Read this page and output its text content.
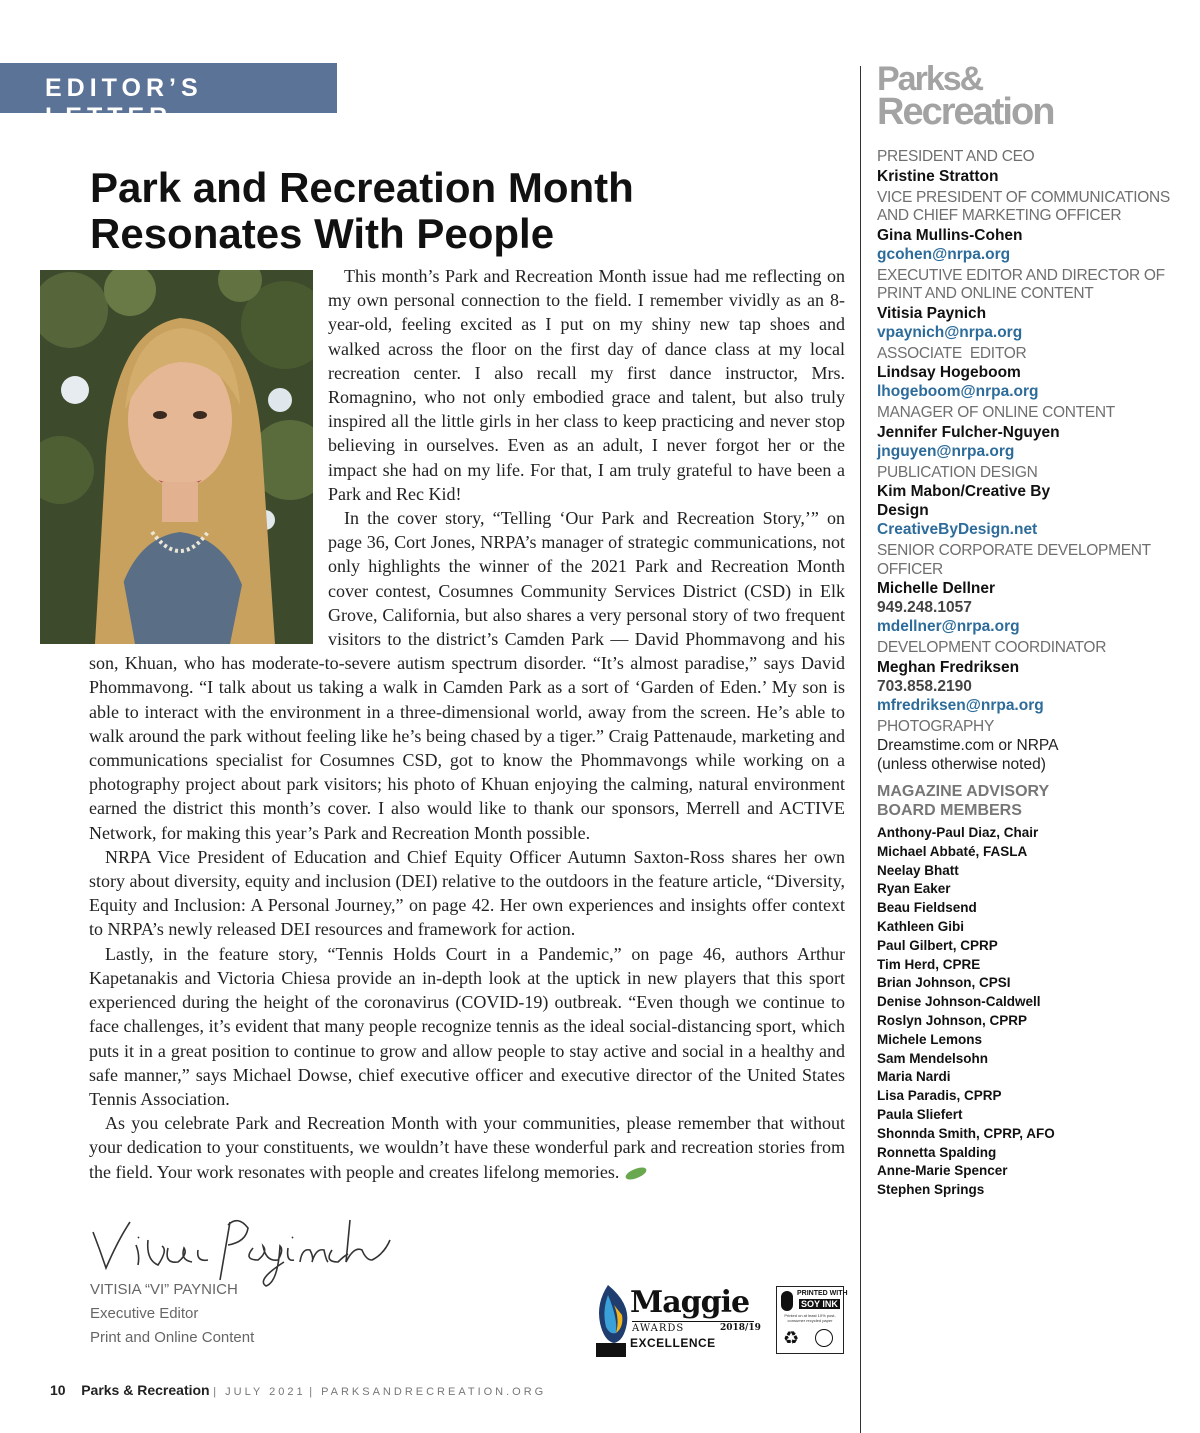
EDITOR’S LETTER
Park and Recreation Month
Resonates With People

This month’s Park and Recreation Month issue had me reflecting on my own personal connection to the field. I remember vividly as an 8-year-old, feeling excited as I put on my shiny new tap shoes and walked across the floor on the first day of dance class at my local recreation center. I also recall my first dance instructor, Mrs. Romagnino, who not only embodied grace and talent, but also truly inspired all the little girls in her class to keep practicing and never stop believing in ourselves. Even as an adult, I never forgot her or the impact she had on my life. For that, I am truly grateful to have been a Park and Rec Kid!

In the cover story, “Telling ‘Our Park and Recreation Story,’” on page 36, Cort Jones, NRPA’s manager of strategic communications, not only highlights the winner of the 2021 Park and Recreation Month cover contest, Cosumnes Community Services District (CSD) in Elk Grove, California, but also shares a very personal story of two frequent visitors to the district’s Camden Park — David Phommavong and his son, Khuan, who has moderate-to-severe autism spectrum disorder. “It’s almost paradise,” says David Phommavong. “I talk about us taking a walk in Camden Park as a sort of ‘Garden of Eden.’ My son is able to interact with the environment in a three-dimensional world, away from the screen. He’s able to walk around the park without feeling like he’s being chased by a tiger.” Craig Pattenaude, marketing and communications specialist for Cosumnes CSD, got to know the Phommavongs while working on a photography project about park visitors; his photo of Khuan enjoying the calming, natural environment earned the district this month’s cover. I also would like to thank our sponsors, Merrell and ACTIVE Network, for making this year’s Park and Recreation Month possible.

NRPA Vice President of Education and Chief Equity Officer Autumn Saxton-Ross shares her own story about diversity, equity and inclusion (DEI) relative to the outdoors in the feature article, “Diversity, Equity and Inclusion: A Personal Journey,” on page 42. Her own experiences and insights offer context to NRPA’s newly released DEI resources and framework for action.

Lastly, in the feature story, “Tennis Holds Court in a Pandemic,” on page 46, authors Arthur Kapetanakis and Victoria Chiesa provide an in-depth look at the uptick in new players that this sport experienced during the height of the coronavirus (COVID-19) outbreak. “Even though we continue to face challenges, it’s evident that many people recognize tennis as the ideal social-distancing sport, which puts it in a great position to continue to grow and allow people to stay active and social in a healthy and safe manner,” says Michael Dowse, chief executive officer and executive director of the United States Tennis Association.

As you celebrate Park and Recreation Month with your communities, please remember that without your dedication to your constituents, we wouldn’t have these wonderful park and recreation stories from the field. Your work resonates with people and creates lifelong memories.

VITISIA “VI” PAYNICH
Executive Editor
Print and Online Content
Maggie
AWARDS	2018/19
EXCELLENCE
PRINTED WITH
SOY INK
Printed on at least 10% post-consumer recycled paper
♻
10 Parks & Recreation | JULY 2021 | PARKSANDRECREATION.ORG
Parks&
Recreation
PRESIDENT AND CEO
Kristine Stratton
VICE PRESIDENT OF COMMUNICATIONS AND CHIEF MARKETING OFFICER
Gina Mullins-Cohen
gcohen@nrpa.org
EXECUTIVE EDITOR AND DIRECTOR OF PRINT AND ONLINE CONTENT
Vitisia Paynich
vpaynich@nrpa.org
ASSOCIATE  EDITOR
Lindsay Hogeboom
lhogeboom@nrpa.org
MANAGER OF ONLINE CONTENT
Jennifer Fulcher-Nguyen
jnguyen@nrpa.org
PUBLICATION DESIGN
Kim Mabon/Creative By Design
CreativeByDesign.net
SENIOR CORPORATE DEVELOPMENT OFFICER
Michelle Dellner
949.248.1057
mdellner@nrpa.org
DEVELOPMENT COORDINATOR
Meghan Fredriksen
703.858.2190
mfredriksen@nrpa.org
PHOTOGRAPHY
Dreamstime.com or NRPA
(unless otherwise noted)
MAGAZINE ADVISORY
BOARD MEMBERS
Anthony-Paul Diaz, Chair
Michael Abbaté, FASLA
Neelay Bhatt
Ryan Eaker
Beau Fieldsend
Kathleen Gibi
Paul Gilbert, CPRP
Tim Herd, CPRE
Brian Johnson, CPSI
Denise Johnson-Caldwell
Roslyn Johnson, CPRP
Michele Lemons
Sam Mendelsohn
Maria Nardi
Lisa Paradis, CPRP
Paula Sliefert
Shonnda Smith, CPRP, AFO
Ronnetta Spalding
Anne-Marie Spencer
Stephen Springs
